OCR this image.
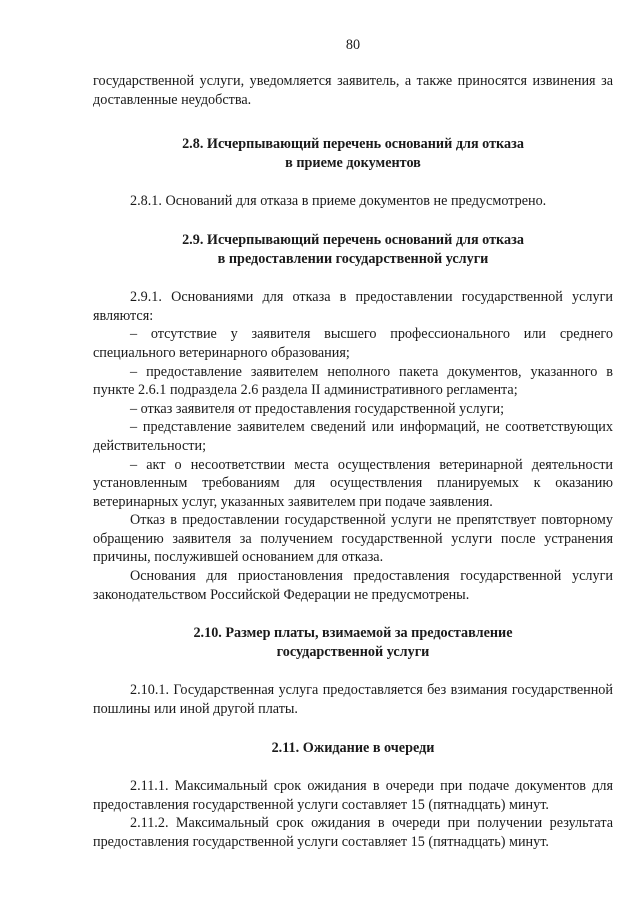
80

государственной услуги, уведомляется заявитель, а также приносятся извинения за доставленные неудобства.

2.8. Исчерпывающий перечень оснований для отказа
в приеме документов

2.8.1. Оснований для отказа в приеме документов не предусмотрено.

2.9. Исчерпывающий перечень оснований для отказа
в предоставлении государственной услуги

2.9.1. Основаниями для отказа в предоставлении государственной услуги являются:

– отсутствие у заявителя высшего профессионального или среднего специального ветеринарного образования;

– предоставление заявителем неполного пакета документов, указанного в пункте 2.6.1 подраздела 2.6 раздела II административного регламента;

– отказ заявителя от предоставления государственной услуги;

– представление заявителем сведений или информаций, не соответствующих действительности;

– акт о несоответствии места осуществления ветеринарной деятельности установленным требованиям для осуществления планируемых к оказанию ветеринарных услуг, указанных заявителем при подаче заявления.

Отказ в предоставлении государственной услуги не препятствует повторному обращению заявителя за получением государственной услуги после устранения причины, послужившей основанием для отказа.

Основания для приостановления предоставления государственной услуги законодательством Российской Федерации не предусмотрены.

2.10. Размер платы, взимаемой за предоставление
государственной услуги

2.10.1. Государственная услуга предоставляется без взимания государственной пошлины или иной другой платы.

2.11. Ожидание в очереди

2.11.1. Максимальный срок ожидания в очереди при подаче документов для предоставления государственной услуги составляет 15 (пятнадцать) минут.

2.11.2. Максимальный срок ожидания в очереди при получении результата предоставления государственной услуги составляет 15 (пятнадцать) минут.
